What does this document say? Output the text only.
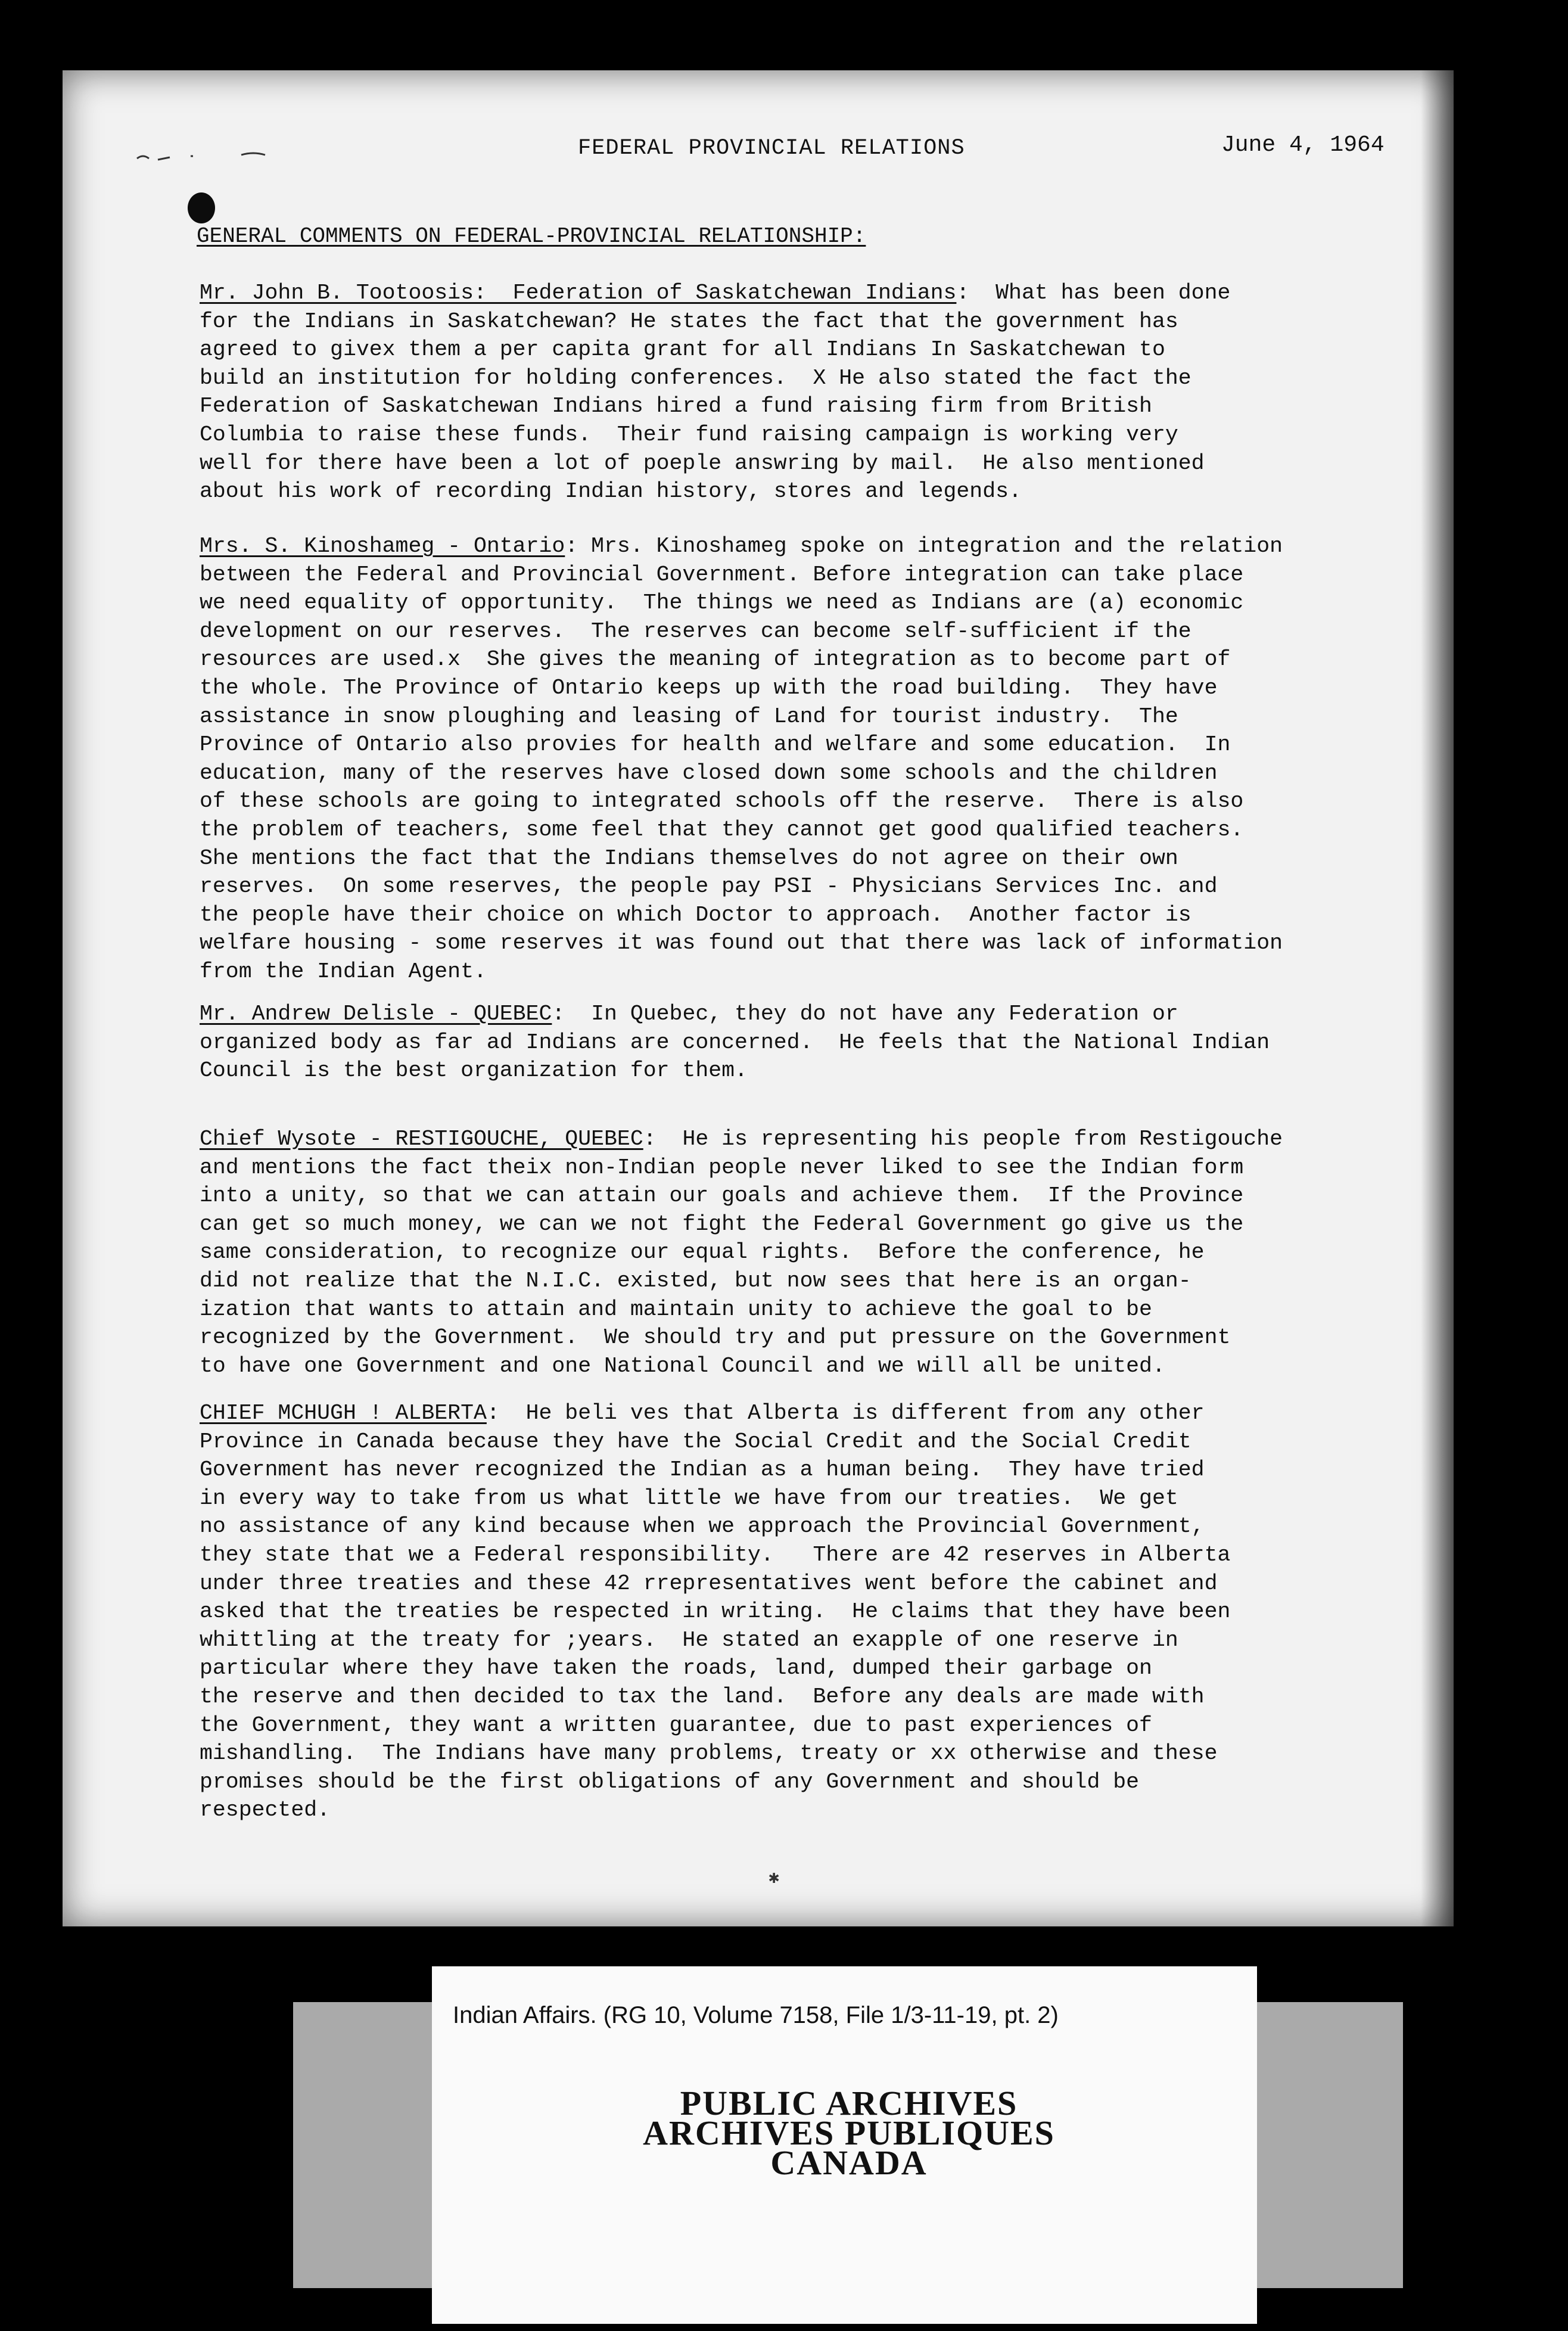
FEDERAL PROVINCIAL RELATIONS	June 4, 1964
GENERAL COMMENTS ON FEDERAL-PROVINCIAL RELATIONSHIP:

Mr. John B. Tootoosis:  Federation of Saskatchewan Indians:  What has been done
for the Indians in Saskatchewan? He states the fact that the government has
agreed to givex them a per capita grant for all Indians In Saskatchewan to
build an institution for holding conferences.  X He also stated the fact the
Federation of Saskatchewan Indians hired a fund raising firm from British
Columbia to raise these funds.  Their fund raising campaign is working very
well for there have been a lot of poeple answring by mail.  He also mentioned
about his work of recording Indian history, stores and legends.

Mrs. S. Kinoshameg - Ontario: Mrs. Kinoshameg spoke on integration and the relation
between the Federal and Provincial Government. Before integration can take place
we need equality of opportunity.  The things we need as Indians are (a) economic
development on our reserves.  The reserves can become self-sufficient if the
resources are used.x  She gives the meaning of integration as to become part of
the whole. The Province of Ontario keeps up with the road building.  They have
assistance in snow ploughing and leasing of Land for tourist industry.  The
Province of Ontario also provies for health and welfare and some education.  In
education, many of the reserves have closed down some schools and the children
of these schools are going to integrated schools off the reserve.  There is also
the problem of teachers, some feel that they cannot get good qualified teachers.
She mentions the fact that the Indians themselves do not agree on their own
reserves.  On some reserves, the people pay PSI - Physicians Services Inc. and
the people have their choice on which Doctor to approach.  Another factor is
welfare housing - some reserves it was found out that there was lack of information
from the Indian Agent.

Mr. Andrew Delisle - QUEBEC:  In Quebec, they do not have any Federation or
organized body as far ad Indians are concerned.  He feels that the National Indian
Council is the best organization for them.

Chief Wysote - RESTIGOUCHE, QUEBEC:  He is representing his people from Restigouche
and mentions the fact theix non-Indian people never liked to see the Indian form
into a unity, so that we can attain our goals and achieve them.  If the Province
can get so much money, we can we not fight the Federal Government go give us the
same consideration, to recognize our equal rights.  Before the conference, he
did not realize that the N.I.C. existed, but now sees that here is an organ-
ization that wants to attain and maintain unity to achieve the goal to be
recognized by the Government.  We should try and put pressure on the Government
to have one Government and one National Council and we will all be united.

CHIEF MCHUGH ! ALBERTA:  He beli ves that Alberta is different from any other
Province in Canada because they have the Social Credit and the Social Credit
Government has never recognized the Indian as a human being.  They have tried
in every way to take from us what little we have from our treaties.  We get
no assistance of any kind because when we approach the Provincial Government,
they state that we a Federal responsibility.   There are 42 reserves in Alberta
under three treaties and these 42 rrepresentatives went before the cabinet and
asked that the treaties be respected in writing.  He claims that they have been
whittling at the treaty for ;years.  He stated an exapple of one reserve in
particular where they have taken the roads, land, dumped their garbage on
the reserve and then decided to tax the land.  Before any deals are made with
the Government, they want a written guarantee, due to past experiences of
mishandling.  The Indians have many problems, treaty or xx otherwise and these
promises should be the first obligations of any Government and should be
respected.

✱
Indian Affairs. (RG 10, Volume 7158, File 1/3-11-19, pt. 2)
PUBLIC ARCHIVES
ARCHIVES PUBLIQUES
CANADA
